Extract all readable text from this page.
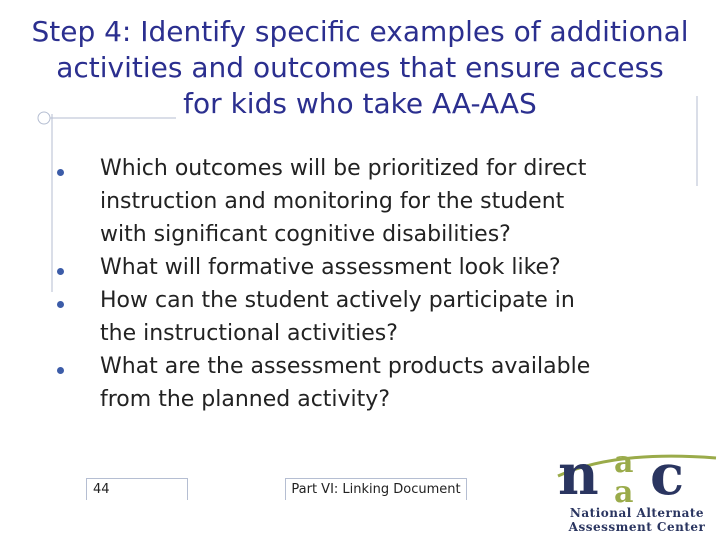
Step 4: Identify specific examples of additional
activities and outcomes that ensure access
for kids who take AA-AAS
Which outcomes will be prioritized for direct
instruction and monitoring for the student
with significant cognitive disabilities?
What will formative assessment look like?
How can the student actively participate in
the instructional activities?
What are the assessment products available
from the planned activity?
44	Part VI: Linking Document n a
a c
National Alternate
Assessment Center
